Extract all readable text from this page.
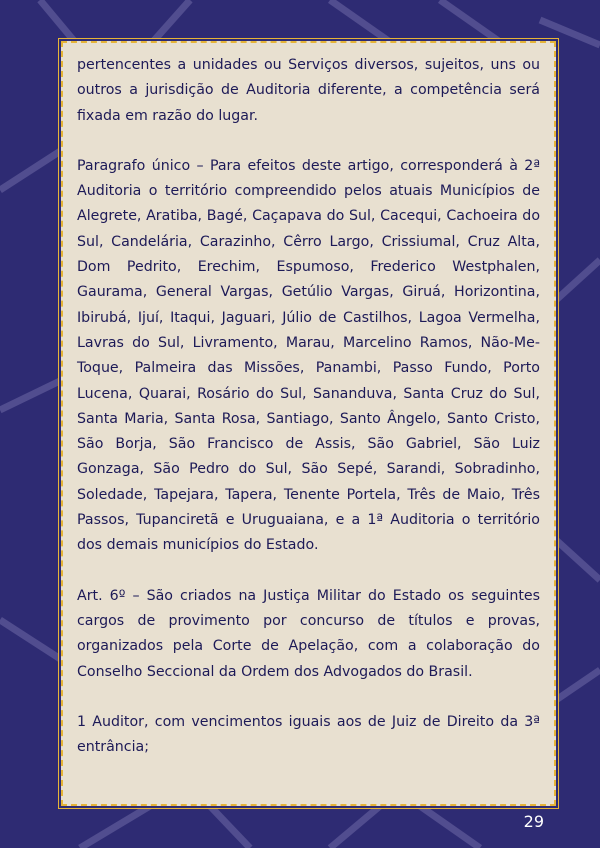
pertencentes a unidades ou Serviços diversos, sujeitos, uns ou outros a jurisdição de Auditoria diferente, a competência será fixada em razão do lugar.

Paragrafo único – Para efeitos deste artigo, corresponderá à 2ª Auditoria o território compreendido pelos atuais Municípios de Alegrete, Aratiba, Bagé, Caçapava do Sul, Cacequi, Cachoeira do Sul, Candelária, Carazinho, Cêrro Largo, Crissiumal, Cruz Alta, Dom Pedrito, Erechim, Espumoso, Frederico Westphalen, Gaurama, General Vargas, Getúlio Vargas, Giruá, Horizontina, Ibirubá, Ijuí, Itaqui, Jaguari, Júlio de Castilhos, Lagoa Vermelha, Lavras do Sul, Livramento, Marau, Marcelino Ramos, Não-Me-Toque, Palmeira das Missões, Panambi, Passo Fundo, Porto Lucena, Quarai, Rosário do Sul, Sananduva, Santa Cruz do Sul, Santa Maria, Santa Rosa, Santiago, Santo Ângelo, Santo Cristo, São Borja, São Francisco de Assis, São Gabriel, São Luiz Gonzaga, São Pedro do Sul, São Sepé, Sarandi, Sobradinho, Soledade, Tapejara, Tapera, Tenente Portela, Três de Maio, Três Passos, Tupanciretã e Uruguaiana, e a 1ª Auditoria o território dos demais municípios do Estado.

Art. 6º – São criados na Justiça Militar do Estado os seguintes cargos de provimento por concurso de títulos e provas, organizados pela Corte de Apelação, com a colaboração do Conselho Seccional da Ordem dos Advogados do Brasil.

1 Auditor, com vencimentos iguais aos de Juiz de Direito da 3ª entrância;

29
